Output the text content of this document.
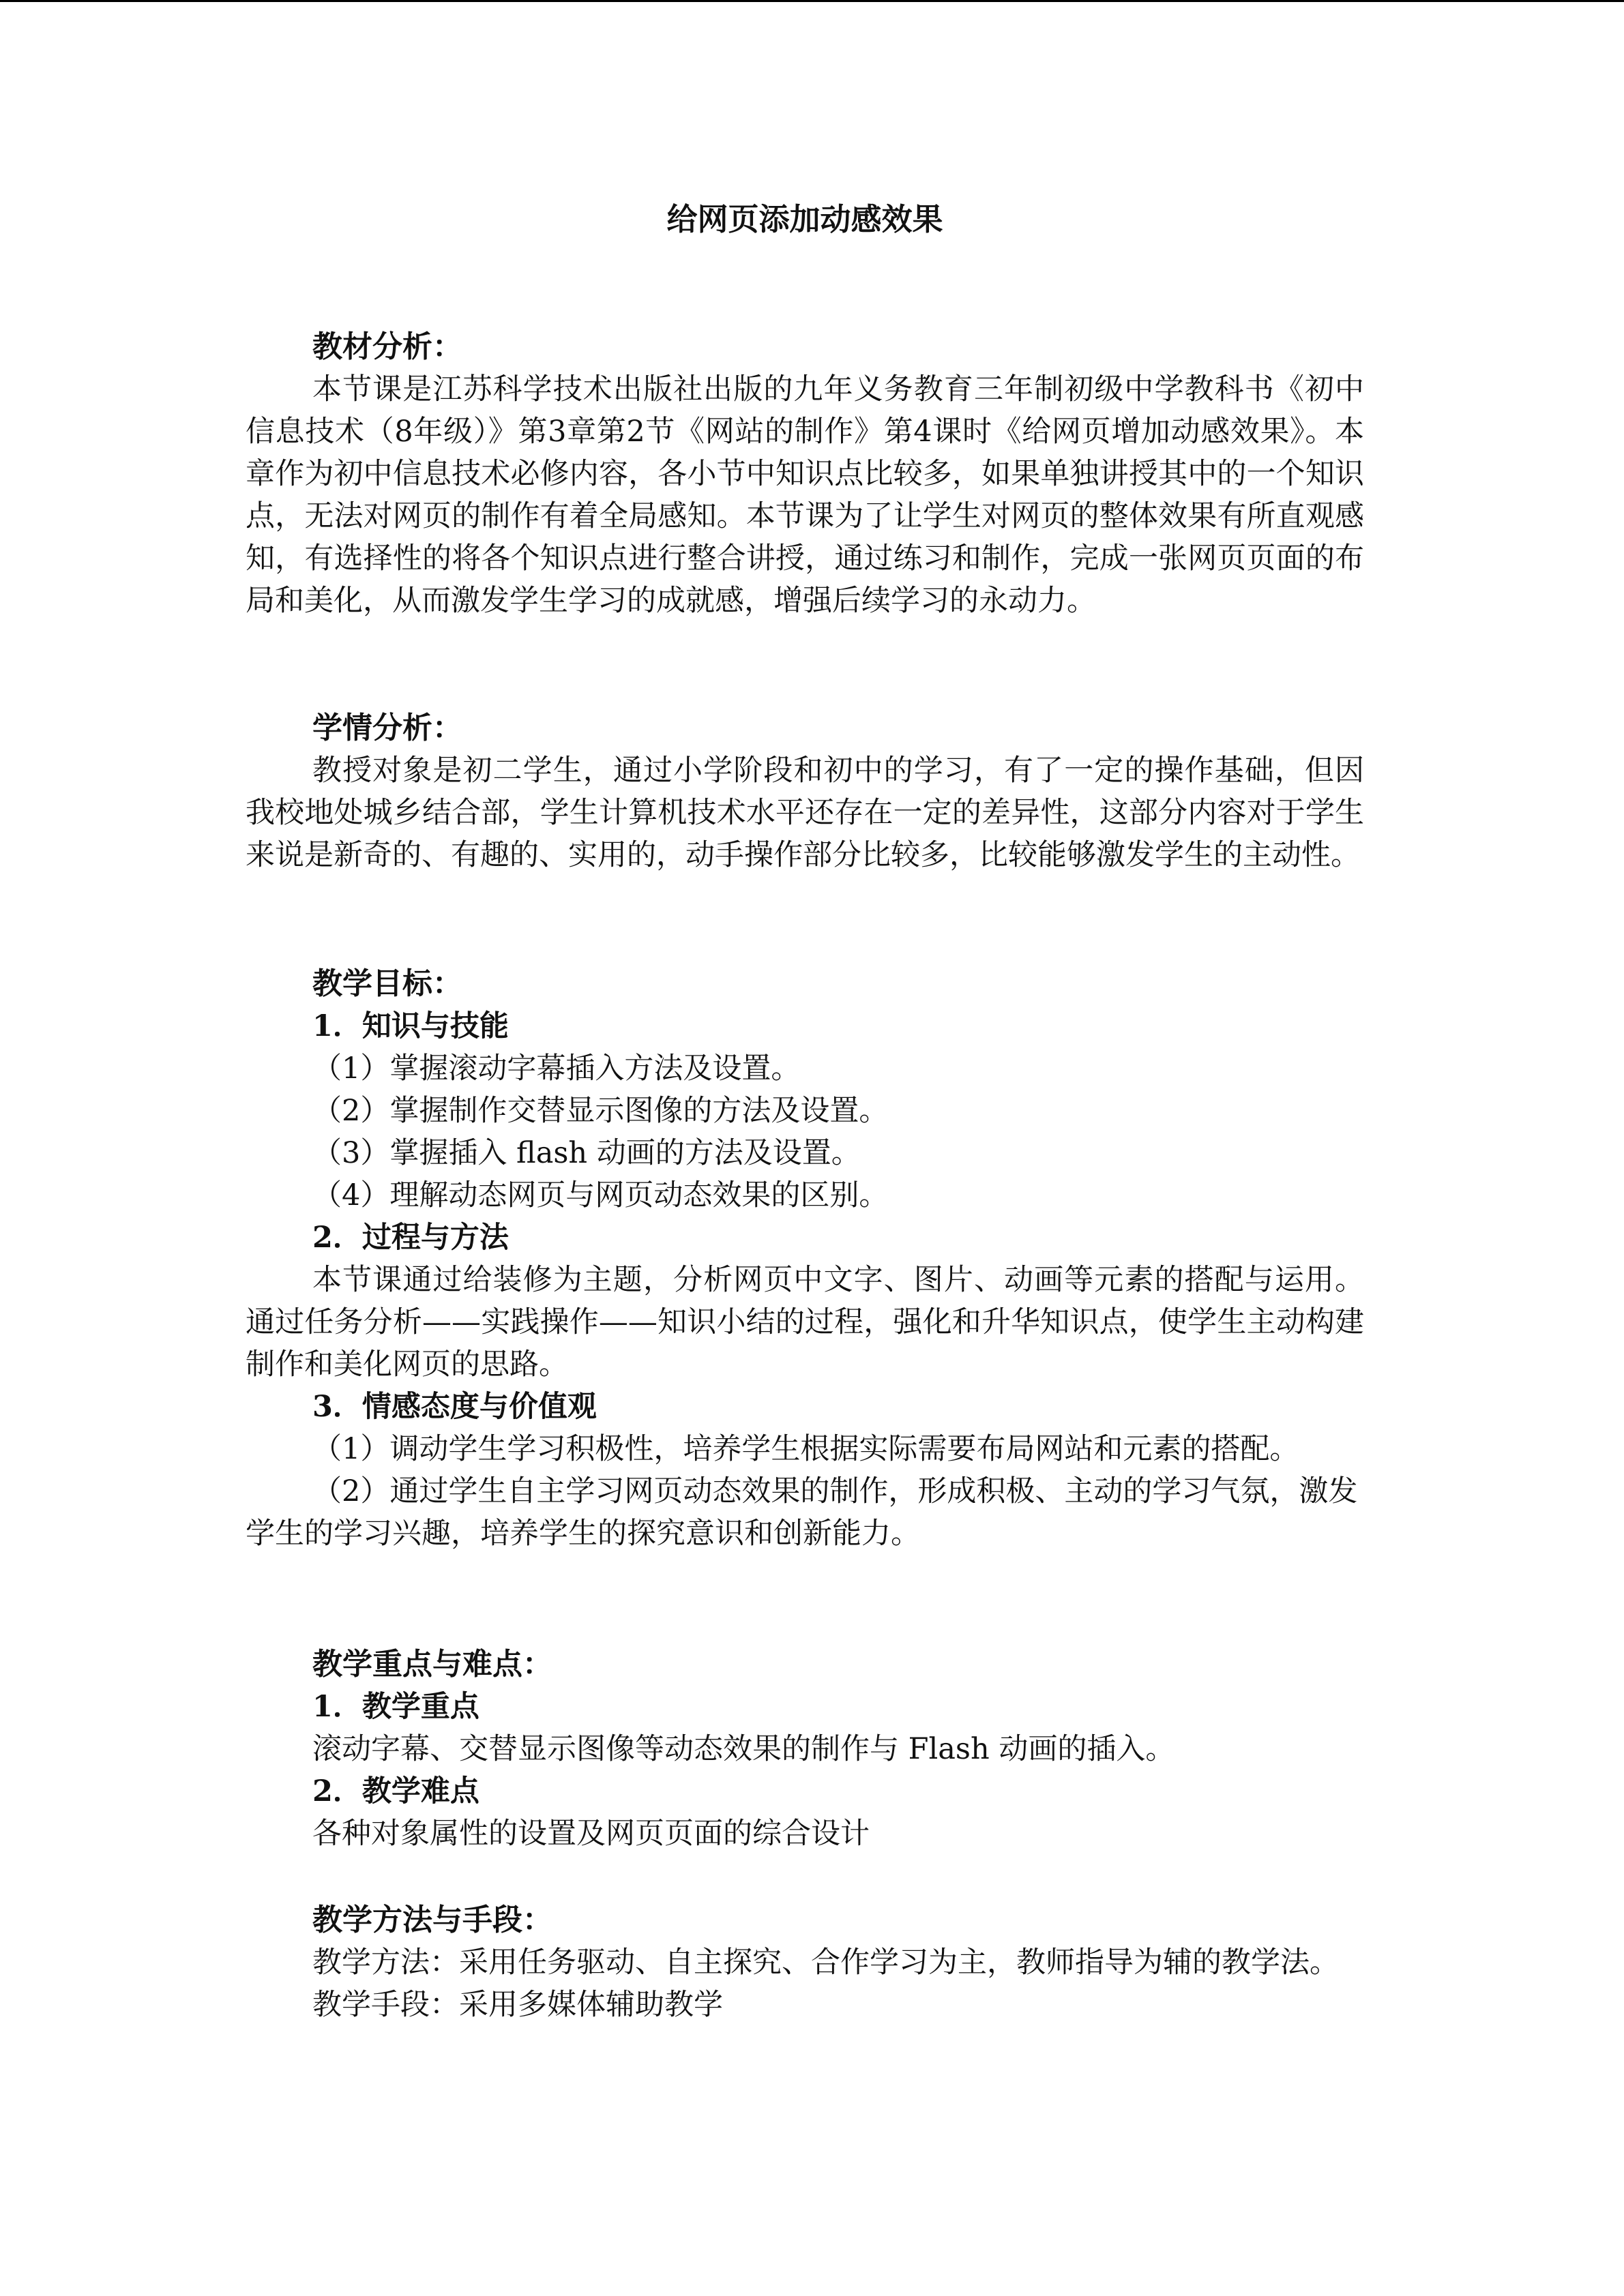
给网页添加动感效果
教材分析：

本节课是江苏科学技术出版社出版的九年义务教育三年制初级中学教科书《初中信息技术（8年级）》第3章第2节《网站的制作》第4课时《给网页增加动感效果》。本章作为初中信息技术必修内容，各小节中知识点比较多，如果单独讲授其中的一个知识点，无法对网页的制作有着全局感知。本节课为了让学生对网页的整体效果有所直观感知，有选择性的将各个知识点进行整合讲授，通过练习和制作，完成一张网页页面的布局和美化，从而激发学生学习的成就感，增强后续学习的永动力。

学情分析：

教授对象是初二学生，通过小学阶段和初中的学习，有了一定的操作基础，但因我校地处城乡结合部，学生计算机技术水平还存在一定的差异性，这部分内容对于学生来说是新奇的、有趣的、实用的，动手操作部分比较多，比较能够激发学生的主动性。

教学目标：
1．知识与技能
（1）掌握滚动字幕插入方法及设置。
（2）掌握制作交替显示图像的方法及设置。
（3）掌握插入 flash 动画的方法及设置。
（4）理解动态网页与网页动态效果的区别。
2．过程与方法

本节课通过给装修为主题，分析网页中文字、图片、动画等元素的搭配与运用。通过任务分析——实践操作——知识小结的过程，强化和升华知识点，使学生主动构建制作和美化网页的思路。

3．情感态度与价值观

（1）调动学生学习积极性，培养学生根据实际需要布局网站和元素的搭配。

（2）通过学生自主学习网页动态效果的制作，形成积极、主动的学习气氛，激发学生的学习兴趣，培养学生的探究意识和创新能力。

教学重点与难点：
1．教学重点
滚动字幕、交替显示图像等动态效果的制作与 Flash 动画的插入。
2．教学难点
各种对象属性的设置及网页页面的综合设计
教学方法与手段：

教学方法：采用任务驱动、自主探究、合作学习为主，教师指导为辅的教学法。

教学手段：采用多媒体辅助教学
